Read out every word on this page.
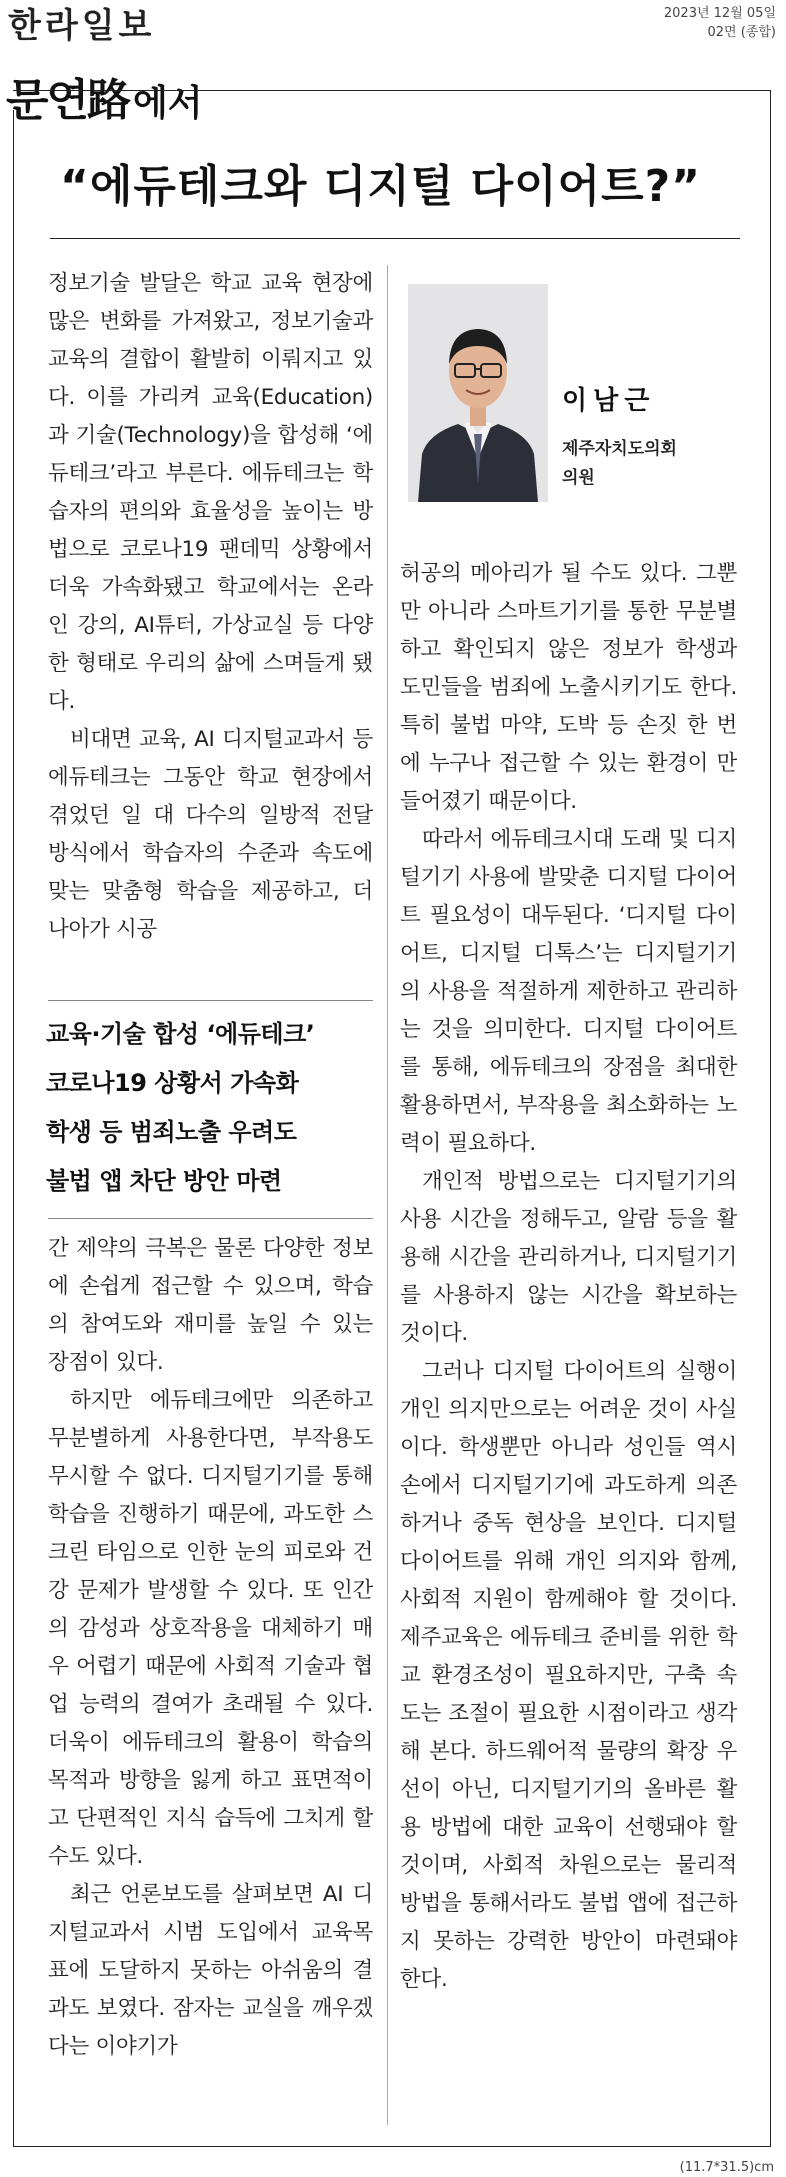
한라일보	2023년 12월 05일
02면 (종합)
문연路 에서
“에듀테크와 디지털 다이어트?”

정보기술 발달은 학교 교육 현장에 많은 변화를 가져왔고, 정보기술과 교육의 결합이 활발히 이뤄지고 있다. 이를 가리켜 교육(Education)과 기술(Technology)을 합성해 ‘에듀테크’라고 부른다. 에듀테크는 학습자의 편의와 효율성을 높이는 방법으로 코로나19 팬데믹 상황에서 더욱 가속화됐고 학교에서는 온라인 강의, AI튜터, 가상교실 등 다양한 형태로 우리의 삶에 스며들게 됐다.

비대면 교육, AI 디지털교과서 등 에듀테크는 그동안 학교 현장에서 겪었던 일 대 다수의 일방적 전달 방식에서 학습자의 수준과 속도에 맞는 맞춤형 학습을 제공하고, 더 나아가 시공

교육·기술 합성 ‘에듀테크’
코로나19 상황서 가속화
학생 등 범죄노출 우려도
불법 앱 차단 방안 마련

간 제약의 극복은 물론 다양한 정보에 손쉽게 접근할 수 있으며, 학습의 참여도와 재미를 높일 수 있는 장점이 있다.

하지만 에듀테크에만 의존하고 무분별하게 사용한다면, 부작용도 무시할 수 없다. 디지털기기를 통해 학습을 진행하기 때문에, 과도한 스크린 타임으로 인한 눈의 피로와 건강 문제가 발생할 수 있다. 또 인간의 감성과 상호작용을 대체하기 매우 어렵기 때문에 사회적 기술과 협업 능력의 결여가 초래될 수 있다. 더욱이 에듀테크의 활용이 학습의 목적과 방향을 잃게 하고 표면적이고 단편적인 지식 습득에 그치게 할 수도 있다.

최근 언론보도를 살펴보면 AI 디지털교과서 시범 도입에서 교육목표에 도달하지 못하는 아쉬움의 결과도 보였다. 잠자는 교실을 깨우겠다는 이야기가

이남근
제주자치도의회
의원

허공의 메아리가 될 수도 있다. 그뿐만 아니라 스마트기기를 통한 무분별하고 확인되지 않은 정보가 학생과 도민들을 범죄에 노출시키기도 한다. 특히 불법 마약, 도박 등 손짓 한 번에 누구나 접근할 수 있는 환경이 만들어졌기 때문이다.

따라서 에듀테크시대 도래 및 디지털기기 사용에 발맞춘 디지털 다이어트 필요성이 대두된다. ‘디지털 다이어트, 디지털 디톡스’는 디지털기기의 사용을 적절하게 제한하고 관리하는 것을 의미한다. 디지털 다이어트를 통해, 에듀테크의 장점을 최대한 활용하면서, 부작용을 최소화하는 노력이 필요하다.

개인적 방법으로는 디지털기기의 사용 시간을 정해두고, 알람 등을 활용해 시간을 관리하거나, 디지털기기를 사용하지 않는 시간을 확보하는 것이다.

그러나 디지털 다이어트의 실행이 개인 의지만으로는 어려운 것이 사실이다. 학생뿐만 아니라 성인들 역시 손에서 디지털기기에 과도하게 의존하거나 중독 현상을 보인다. 디지털 다이어트를 위해 개인 의지와 함께, 사회적 지원이 함께해야 할 것이다. 제주교육은 에듀테크 준비를 위한 학교 환경조성이 필요하지만, 구축 속도는 조절이 필요한 시점이라고 생각해 본다. 하드웨어적 물량의 확장 우선이 아닌, 디지털기기의 올바른 활용 방법에 대한 교육이 선행돼야 할 것이며, 사회적 차원으로는 물리적 방법을 통해서라도 불법 앱에 접근하지 못하는 강력한 방안이 마련돼야 한다.

(11.7*31.5)cm
